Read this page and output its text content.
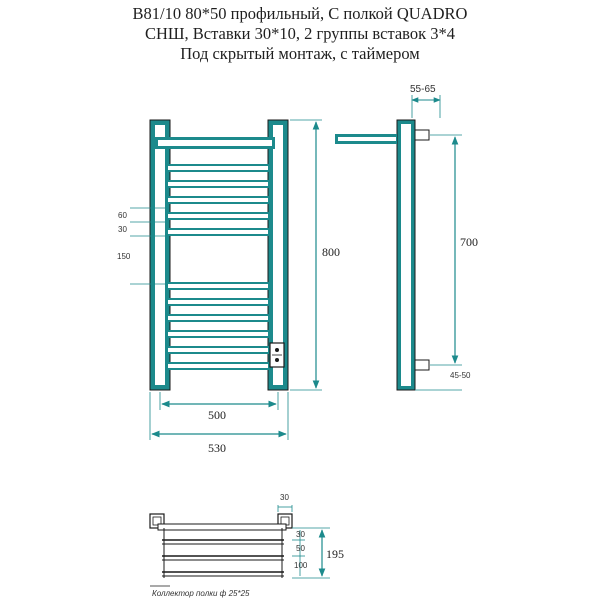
В81/10 80*50 профильный, С полкой QUADRO
СНШ, Вставки 30*10, 2 группы вставок 3*4
Под скрытый монтаж, с таймером
60
30
150	800
500
530
55-65
700
45-50
30
30
50
100
195
Коллектор полки ф 25*25
